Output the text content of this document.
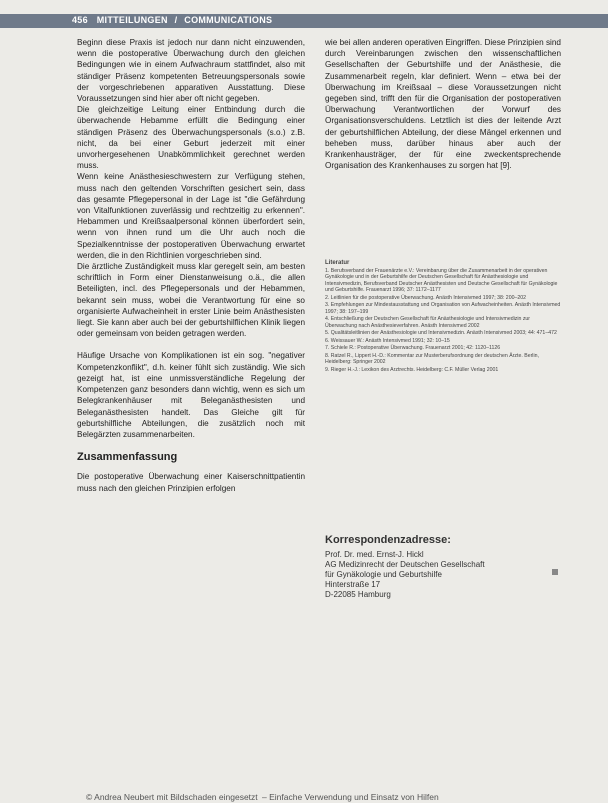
456 MITTEILUNGEN / COMMUNICATIONS

Beginn diese Praxis ist jedoch nur dann nicht einzuwenden, wenn die postoperative Überwachung durch den gleichen Bedingungen wie in einem Aufwachraum stattfindet, also mit ständiger Präsenz kompetenten Betreuungspersonals sowie der vorgeschriebenen apparativen Ausstattung. Diese Voraussetzungen sind hier aber oft nicht gegeben.

Die gleichzeitige Leitung einer Entbindung durch die überwachende Hebamme erfüllt die Bedingung einer ständigen Präsenz des Überwachungspersonals (s.o.) z.B. nicht, da bei einer Geburt jederzeit mit einer unvorhergesehenen Unabkömmlichkeit gerechnet werden muss.

Wenn keine Anästhesieschwestern zur Verfügung stehen, muss nach den geltenden Vorschriften gesichert sein, dass das gesamte Pflegepersonal in der Lage ist "die Gefährdung von Vitalfunktionen zuverlässig und rechtzeitig zu erkennen". Hebammen und Kreißsaalpersonal können überfordert sein, wenn von ihnen rund um die Uhr auch noch die Spezialkenntnisse der postoperativen Überwachung erwartet werden, die in den Richtlinien vorgeschrieben sind.

Die ärztliche Zuständigkeit muss klar geregelt sein, am besten schriftlich in Form einer Dienstanweisung o.ä., die allen Beteiligten, incl. des Pflegepersonals und der Hebammen, bekannt sein muss, wobei die Verantwortung für eine so organisierte Aufwacheinheit in erster Linie beim Anästhesisten liegt. Sie kann aber auch bei der geburtshilflichen Klinik liegen oder gemeinsam von beiden getragen werden.

Häufige Ursache von Komplikationen ist ein sog. "negativer Kompetenzkonflikt", d.h. keiner fühlt sich zuständig. Wie sich gezeigt hat, ist eine unmissverständliche Regelung der Kompetenzen ganz besonders dann wichtig, wenn es sich um Belegkrankenhäuser mit Beleganästhesisten und Beleganästhesisten handelt. Das Gleiche gilt für geburtshilfliche Abteilungen, die zusätzlich noch mit Belegärzten zusammenarbeiten.

Zusammenfassung

Die postoperative Überwachung einer Kaiserschnittpatientin muss nach den gleichen Prinzipien erfolgen

wie bei allen anderen operativen Eingriffen. Diese Prinzipien sind durch Vereinbarungen zwischen den wissenschaftlichen Gesellschaften der Geburtshilfe und der Anästhesie, die Zusammenarbeit regeln, klar definiert. Wenn – etwa bei der Überwachung im Kreißsaal – diese Voraussetzungen nicht gegeben sind, trifft den für die Organisation der postoperativen Überwachung Verantwortlichen der Vorwurf des Organisationsverschuldens. Letztlich ist dies der leitende Arzt der geburtshilflichen Abteilung, der diese Mängel erkennen und beheben muss, darüber hinaus aber auch der Krankenhausträger, der für eine zweckentsprechende Organisation des Krankenhauses zu sorgen hat [9].

Literatur
1. Berufsverband der Frauenärzte e.V.: Vereinbarung über die Zusammenarbeit in der operativen Gynäkologie und in der Geburtshilfe der Deutschen Gesellschaft für Anästhesiologie und Intensivmedizin, Berufsverband Deutscher Anästhesisten und Deutsche Gesellschaft für Gynäkologie und Geburtshilfe. Frauenarzt 1996; 37: 1172–1177
2. Leitlinien für die postoperative Überwachung. Anästh Intensivmed 1997; 38: 200–202
3. Empfehlungen zur Mindestausstattung und Organisation von Aufwacheinheiten. Anästh Intensivmed 1997; 38: 197–199
4. Entschließung der Deutschen Gesellschaft für Anästhesiologie und Intensivmedizin zur Überwachung nach Anästhesieverfahren. Anästh Intensivmed 2002
5. Qualitätsleitlinien der Anästhesiologie und Intensivmedizin. Anästh Intensivmed 2003; 44: 471–472
6. Weissauer W.: Anästh Intensivmed 1991; 32: 10–15
7. Schiele R.: Postoperative Überwachung. Frauenarzt 2001; 42: 1120–1126
8. Ratzel R., Lippert H.-D.: Kommentar zur Musterberufsordnung der deutschen Ärzte. Berlin, Heidelberg: Springer 2002
9. Rieger H.-J.: Lexikon des Arztrechts. Heidelberg: C.F. Müller Verlag 2001
Korrespondenzadresse:
Prof. Dr. med. Ernst-J. Hickl
AG Medizinrecht der Deutschen Gesellschaft
für Gynäkologie und Geburtshilfe
Hinterstraße 17
D-22085 Hamburg
© Andrea Neubert mit Bildschaden eingesetzt – Einfache Verwendung und Einsatz von Hilfen
